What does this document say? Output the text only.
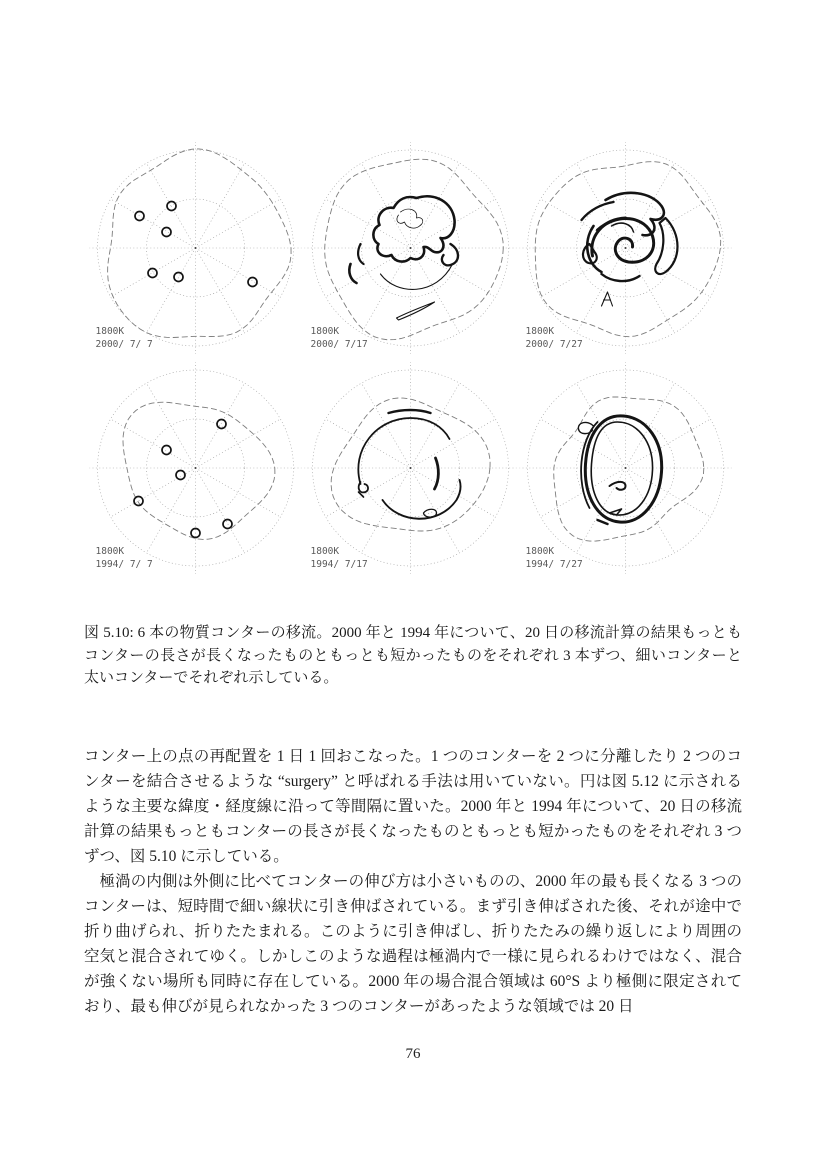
1800K
2000/ 7/ 7
1800K
2000/ 7/17
1800K
2000/ 7/27
1800K
1994/ 7/ 7
1800K
1994/ 7/17
1800K
1994/ 7/27
図 5.10: 6 本の物質コンターの移流。2000 年と 1994 年について、20 日の移流計算の結果もっともコンターの長さが長くなったものともっとも短かったものをそれぞれ 3 本ずつ、細いコンターと太いコンターでそれぞれ示している。

コンター上の点の再配置を 1 日 1 回おこなった。1 つのコンターを 2 つに分離したり 2 つのコンターを結合させるような “surgery” と呼ばれる手法は用いていない。円は図 5.12 に示されるような主要な緯度・経度線に沿って等間隔に置いた。2000 年と 1994 年について、20 日の移流計算の結果もっともコンターの長さが長くなったものともっとも短かったものをそれぞれ 3 つずつ、図 5.10 に示している。

極渦の内側は外側に比べてコンターの伸び方は小さいものの、2000 年の最も長くなる 3 つのコンターは、短時間で細い線状に引き伸ばされている。まず引き伸ばされた後、それが途中で折り曲げられ、折りたたまれる。このように引き伸ばし、折りたたみの繰り返しにより周囲の空気と混合されてゆく。しかしこのような過程は極渦内で一様に見られるわけではなく、混合が強くない場所も同時に存在している。2000 年の場合混合領域は 60°S より極側に限定されており、最も伸びが見られなかった 3 つのコンターがあったような領域では 20 日

76
